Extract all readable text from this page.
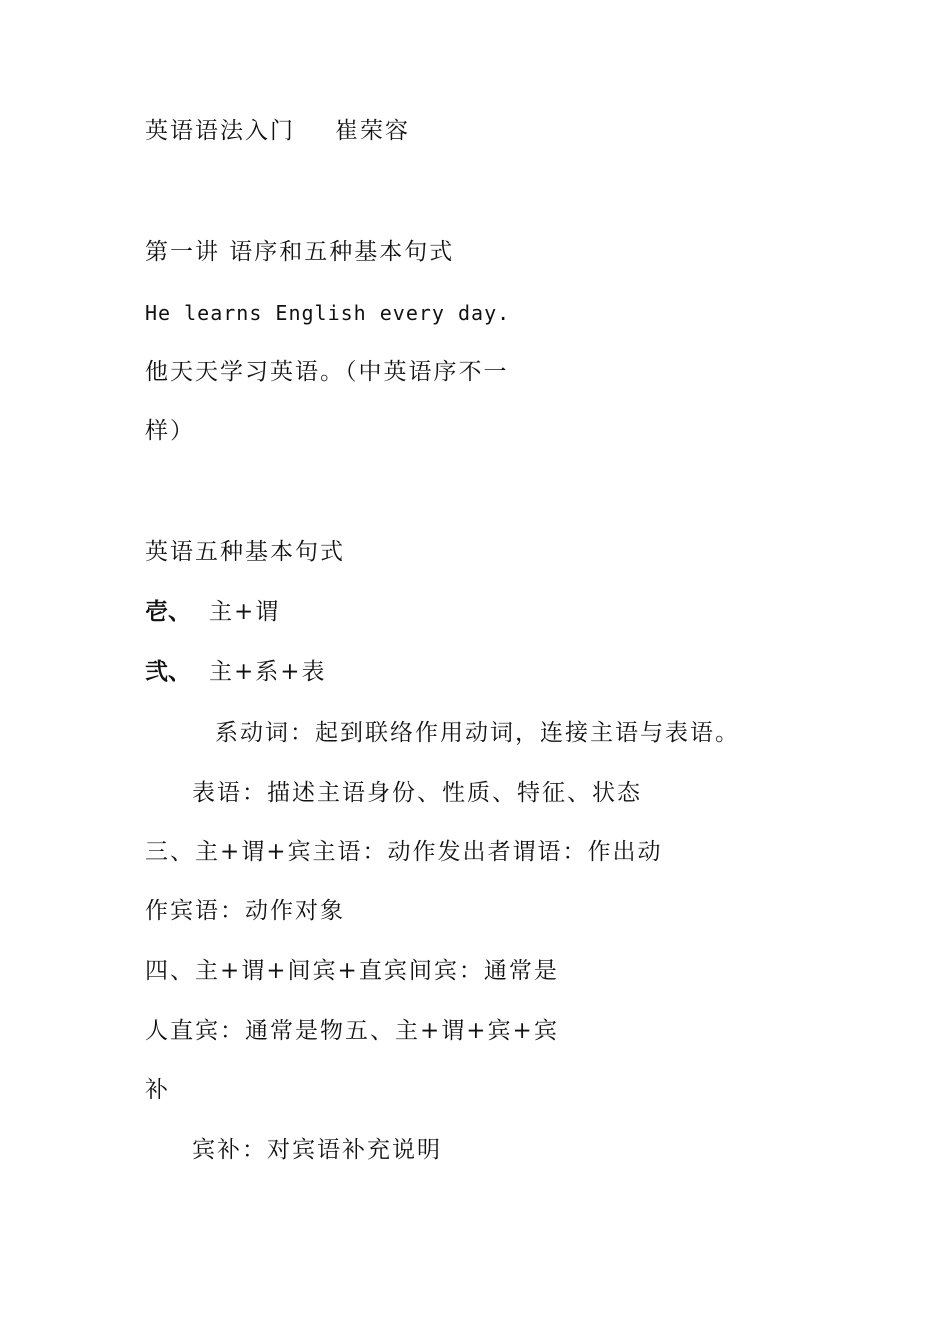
英语语法入门 崔荣容
第一讲 语序和五种基本句式
He learns English every day.
他天天学习英语。（中英语序不一
样）
英语五种基本句式
壱、 主+谓
弐、 主+系+表
系动词：起到联络作用动词，连接主语与表语。
表语：描述主语身份、性质、特征、状态
三、主+谓+宾主语：动作发出者谓语：作出动
作宾语：动作对象
四、主+谓+间宾+直宾间宾：通常是
人直宾：通常是物五、主+谓+宾+宾
补
宾补：对宾语补充说明
